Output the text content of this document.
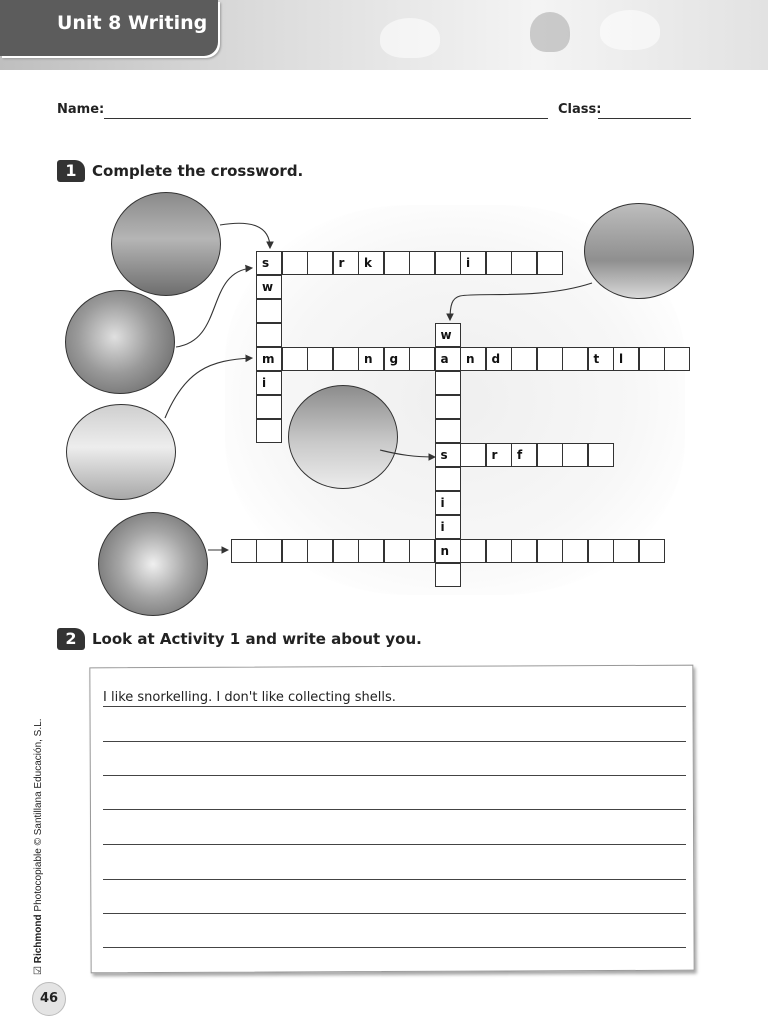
Unit 8 Writing
Name:	Class:
1	Complete the crossword.
s	r	k	i
w
m
i
n	g	a	n	d	t	l
w
s
i
i
n
r	f
2	Look at Activity 1 and write about you.
I like snorkelling. I don't like collecting shells.
☑ Richmond Photocopiable © Santillana Educación, S.L.
46
